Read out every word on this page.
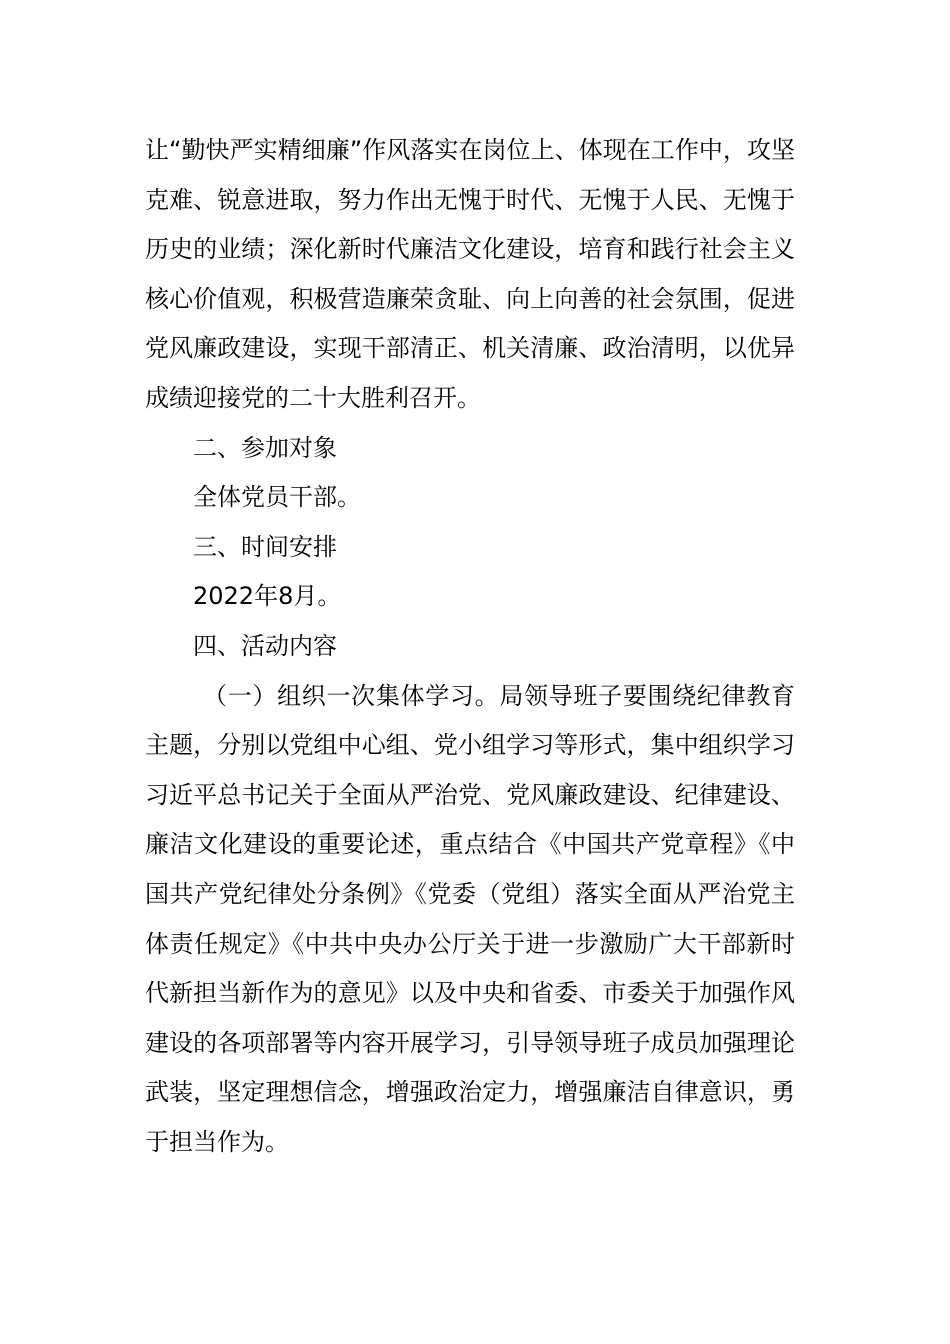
让“勤快严实精细廉”作风落实在岗位上、体现在工作中，攻坚克难、锐意进取，努力作出无愧于时代、无愧于人民、无愧于历史的业绩；深化新时代廉洁文化建设，培育和践行社会主义核心价值观，积极营造廉荣贪耻、向上向善的社会氛围，促进党风廉政建设，实现干部清正、机关清廉、政治清明，以优异成绩迎接党的二十大胜利召开。

二、参加对象

全体党员干部。

三、时间安排

2022年8月。

四、活动内容

（一）组织一次集体学习。局领导班子要围绕纪律教育主题，分别以党组中心组、党小组学习等形式，集中组织学习习近平总书记关于全面从严治党、党风廉政建设、纪律建设、廉洁文化建设的重要论述，重点结合《中国共产党章程》《中国共产党纪律处分条例》《党委（党组）落实全面从严治党主体责任规定》《中共中央办公厅关于进一步激励广大干部新时代新担当新作为的意见》以及中央和省委、市委关于加强作风建设的各项部署等内容开展学习，引导领导班子成员加强理论武装，坚定理想信念，增强政治定力，增强廉洁自律意识，勇于担当作为。
